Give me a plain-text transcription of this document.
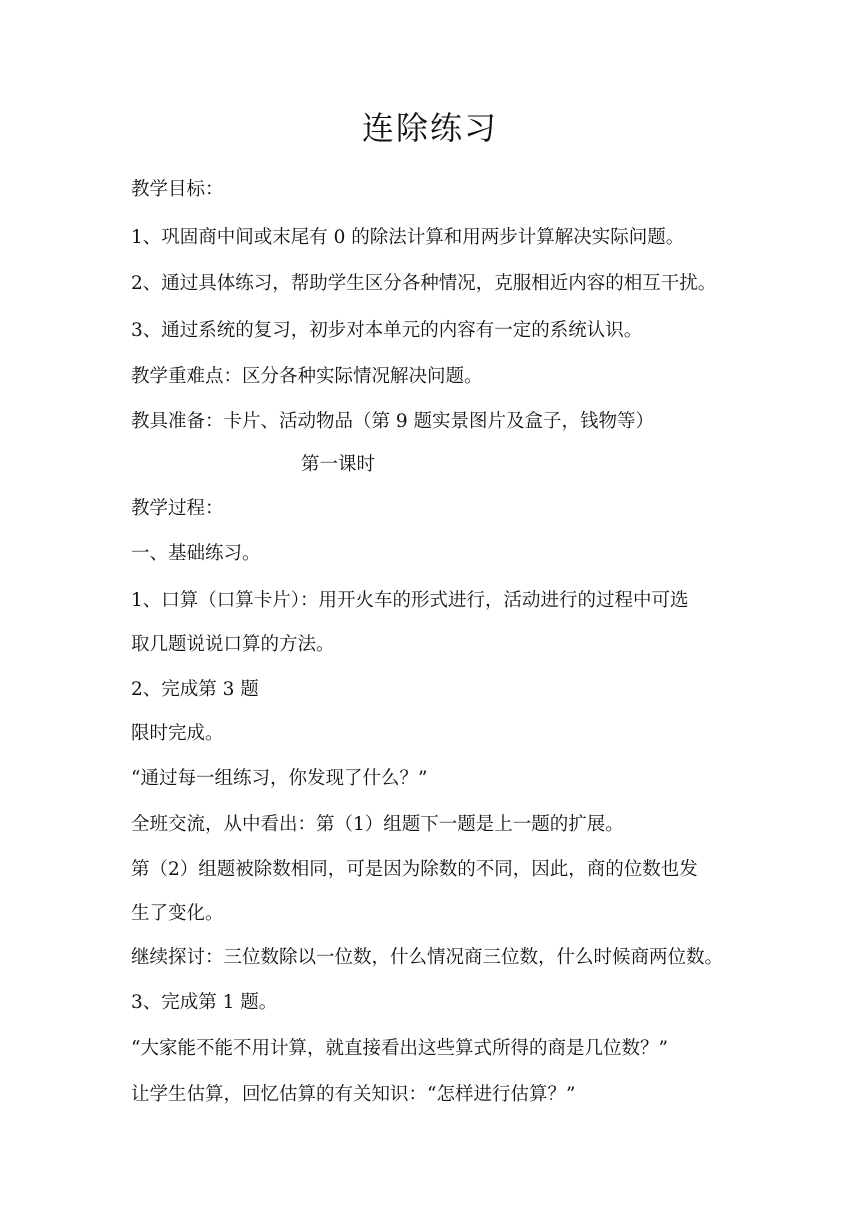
连除练习
教学目标：
1、巩固商中间或末尾有 0 的除法计算和用两步计算解决实际问题。
2、通过具体练习，帮助学生区分各种情况，克服相近内容的相互干扰。
3、通过系统的复习，初步对本单元的内容有一定的系统认识。
教学重难点：区分各种实际情况解决问题。
教具准备：卡片、活动物品（第 9 题实景图片及盒子，钱物等）
第一课时
教学过程：
一、基础练习。
1、口算（口算卡片）：用开火车的形式进行，活动进行的过程中可选
取几题说说口算的方法。
2、完成第 3 题
限时完成。
“通过每一组练习，你发现了什么？”
全班交流，从中看出：第（1）组题下一题是上一题的扩展。
第（2）组题被除数相同，可是因为除数的不同，因此，商的位数也发
生了变化。
继续探讨：三位数除以一位数，什么情况商三位数，什么时候商两位数。
3、完成第 1 题。
“大家能不能不用计算，就直接看出这些算式所得的商是几位数？”
让学生估算，回忆估算的有关知识：“怎样进行估算？”
